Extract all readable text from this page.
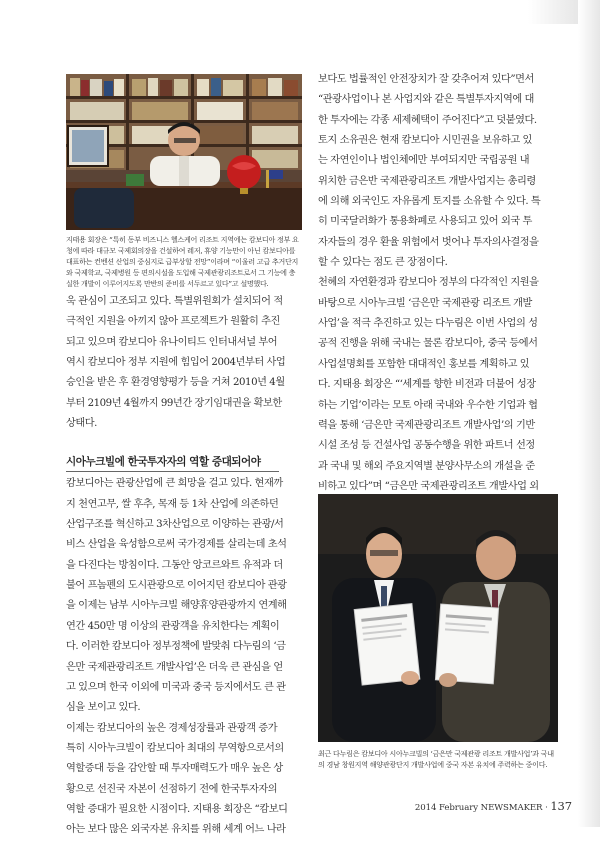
지태용 회장은 “특히 동부 비즈니스 헬스케어 리조트 지역에는 캄보디아 정부 요
청에 따라 대규모 국제회의장을 건설하여 레저, 휴양 기능만이 아닌 캄보디아를
대표하는 컨벤션 산업의 중심지로 급부상할 전망”이라며 “이울러 고급 추거단지
와 국제학교, 국제병원 등 편의시설을 도입해 국제관광리조트로서 그 기능에 충
실한 개발이 이루어지도록 만반의 준비를 서두르고 있다”고 설명했다.

욱 관심이 고조되고 있다. 특별위원회가 설치되어 적
극적인 지원을 아끼지 않아 프로젝트가 원활히 추진
되고 있으며 캄보디아 유나이티드 인터내셔널 부어
역시 캄보디아 정부 지원에 힘입어 2004년부터 사업
승인을 받은 후 환경영향평가 등을 거쳐 2010년 4월
부터 2109년 4월까지 99년간 장기임대권을 확보한
상태다.

시아누크빌에 한국투자자의 역할 증대되어야

캄보디아는 관광산업에 큰 희망을 걸고 있다. 현재까
지 천연고무, 쌀 후추, 목재 등 1차 산업에 의존하던
산업구조를 혁신하고 3차산업으로 이양하는 관광/서
비스 산업을 육성함으로써 국가경제를 살리는데 초석
을 다진다는 방침이다. 그동안 앙코르와트 유적과 더
불어 프놈펜의 도시관광으로 이어지던 캄보디아 관광
을 이제는 남부 시아누크빌 해양휴양관광까지 연계해
연간 450만 명 이상의 관광객을 유치한다는 계획이
다. 이러한 캄보디아 정부정책에 발맞춰 다누림의 ‘금
은만 국제관광리조트 개발사업’은 더욱 큰 관심을 얻
고 있으며 한국 이외에 미국과 중국 등지에서도 큰 관
심을 보이고 있다.

이제는 캄보디아의 높은 경제성장률과 관광객 증가
특히 시아누크빌이 캄보디아 최대의 무역항으로서의
역할증대 등을 감안할 때 투자매력도가 매우 높은 상
황으로 선진국 자본이 선점하기 전에 한국투자자의
역할 증대가 필요한 시점이다. 지태용 회장은 “캄보디
아는 보다 많은 외국자본 유치를 위해 세계 어느 나라

보다도 법률적인 안전장치가 잘 갖추어져 있다”면서
“관광사업이나 본 사업지와 같은 특별투자지역에 대
한 투자에는 각종 세제혜택이 주어진다”고 덧붙였다.
토지 소유권은 현재 캄보디아 시민권을 보유하고 있
는 자연인이나 법인체에만 부여되지만 국립공원 내
위치한 금은반 국제관광리조트 개발사업지는 총리령
에 의해 외국인도 자유롭게 토지를 소유할 수 있다. 특
히 미국달러화가 통용화폐로 사용되고 있어 외국 투
자자들의 경우 환율 위험에서 벗어나 투자의사결정을
할 수 있다는 점도 큰 장점이다.

천혜의 자연환경과 캄보디아 정부의 다각적인 지원을
바탕으로 시아누크빌 ‘금은만 국제관광 리조트 개발
사업’을 적극 추진하고 있는 다누림은 이번 사업의 성
공적 진행을 위해 국내는 물론 캄보디아, 중국 등에서
사업설명회를 포함한 대대적인 홍보를 계획하고 있
다. 지태용 회장은 “‘세계를 향한 비전과 더불어 성장
하는 기업’이라는 모토 아래 국내와 우수한 기업과 협
력을 통해 ‘금은만 국제관광리조트 개발사업’의 기반
시설 조성 등 건설사업 공동수행을 위한 파트너 선정
과 국내 및 해외 주요지역별 분양사무소의 개설을 준
비하고 있다”며 “금은만 국제관광리조트 개발사업 외

최근 다누림은 캄보디아 시아누크빌의 ‘금은만 국제관광 리조트 개발사업’과 국내
의 경남 창원지역 해양관광단지 개발사업에 중국 자본 유치에 주력하는 중이다.
2014 February NEWSMAKER · 137
